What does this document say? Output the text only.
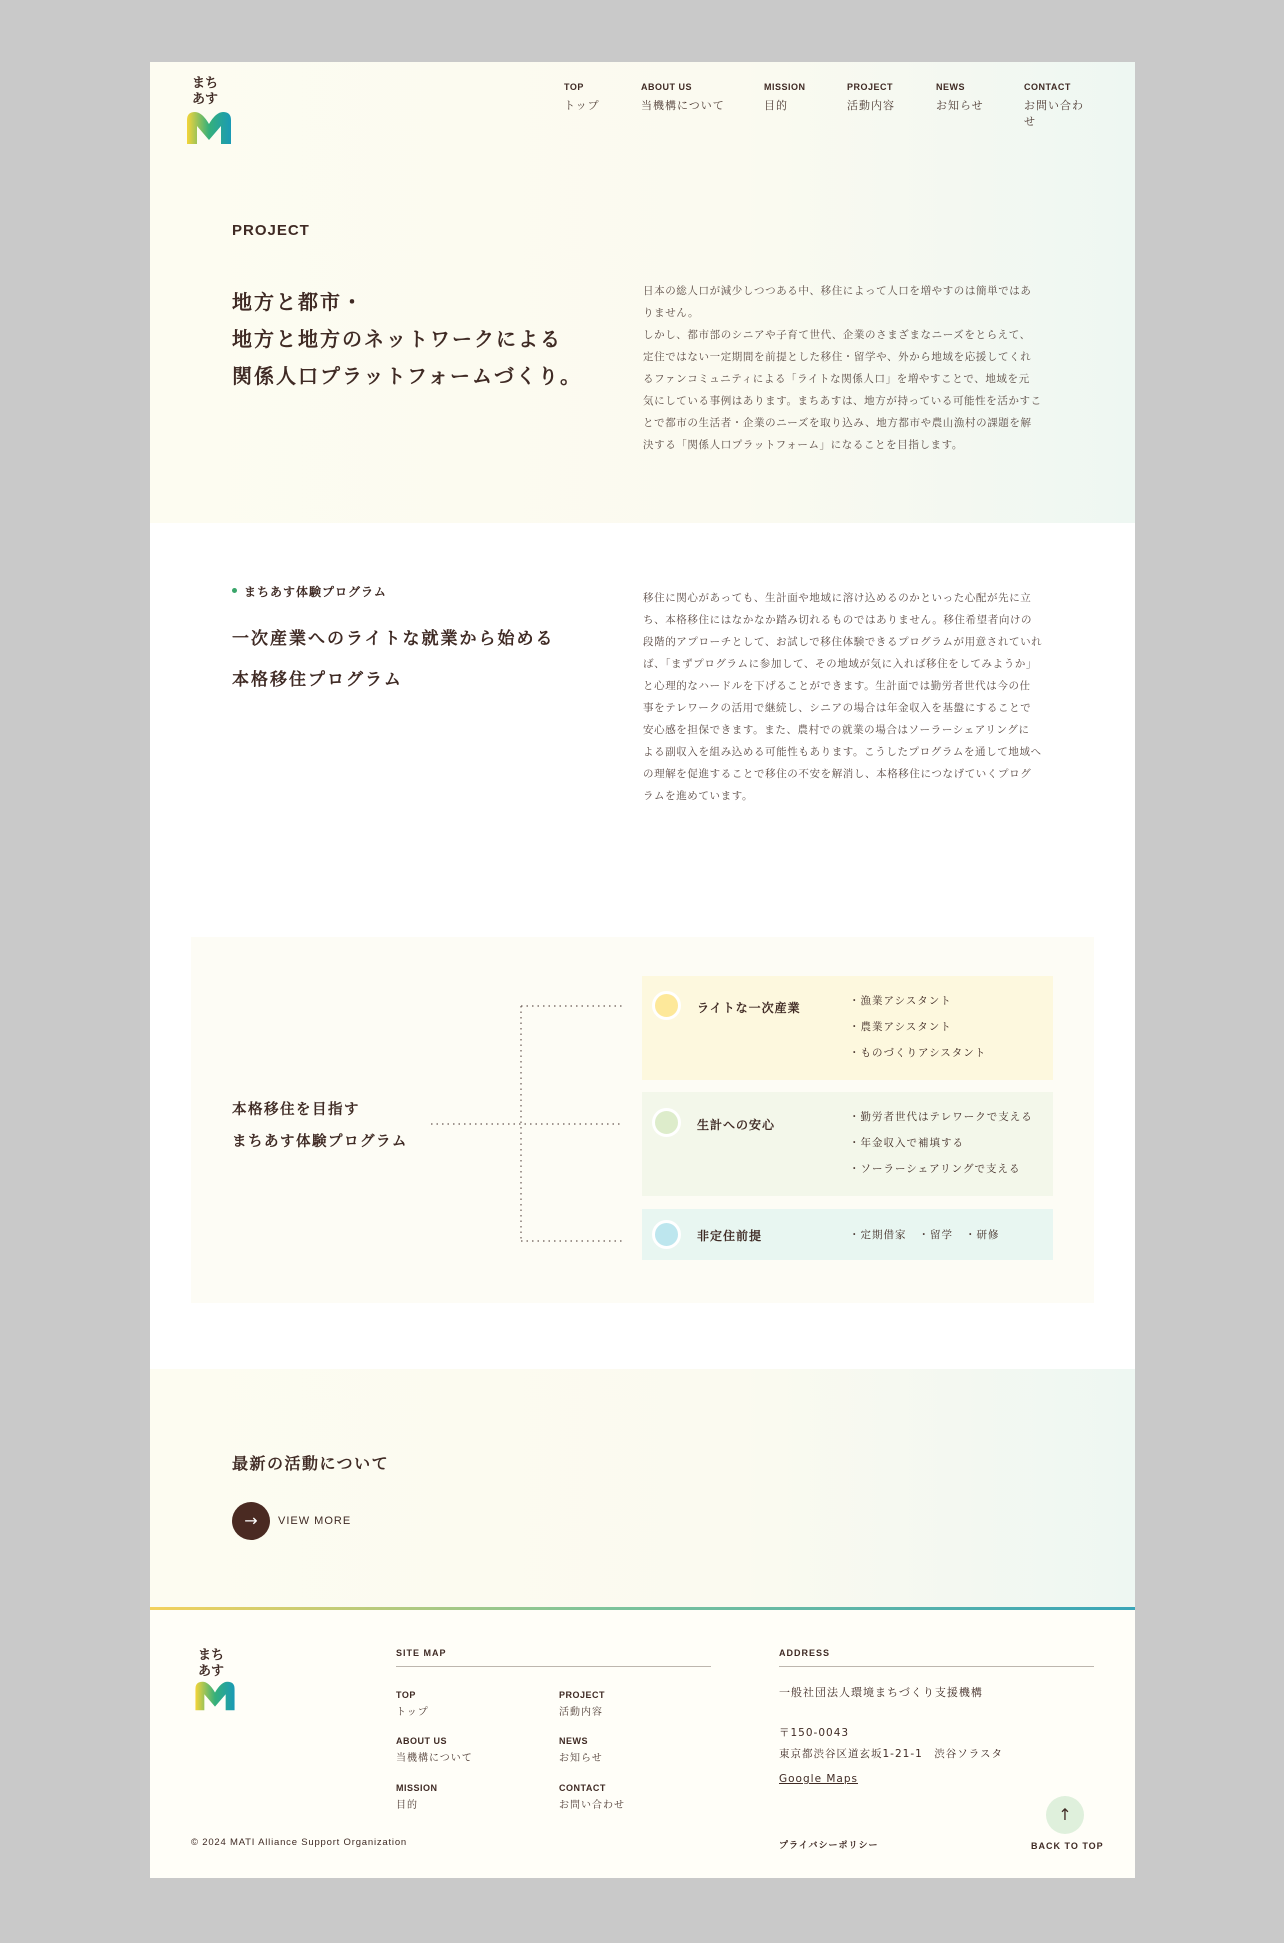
まち
あす
TOP
トップ
ABOUT US
当機構について
MISSION
目的
PROJECT
活動内容
NEWS
お知らせ
CONTACT
お問い合わせ
PROJECT
地方と都市・
地方と地方のネットワークによる
関係人口プラットフォームづくり。
日本の総人口が減少しつつある中、移住によって人口を増やすのは簡単ではあ
りません。
しかし、都市部のシニアや子育て世代、企業のさまざまなニーズをとらえて、
定住ではない一定期間を前提とした移住・留学や、外から地域を応援してくれ
るファンコミュニティによる「ライトな関係人口」を増やすことで、地域を元
気にしている事例はあります。まちあすは、地方が持っている可能性を活かすこ
とで都市の生活者・企業のニーズを取り込み、地方都市や農山漁村の課題を解
決する「関係人口プラットフォーム」になることを目指します。
まちあす体験プログラム
一次産業へのライトな就業から始める
本格移住プログラム
移住に関心があっても、生計面や地域に溶け込めるのかといった心配が先に立
ち、本格移住にはなかなか踏み切れるものではありません。移住希望者向けの
段階的アプローチとして、お試しで移住体験できるプログラムが用意されていれ
ば、「まずプログラムに参加して、その地域が気に入れば移住をしてみようか」
と心理的なハードルを下げることができます。生計面では勤労者世代は今の仕
事をテレワークの活用で継続し、シニアの場合は年金収入を基盤にすることで
安心感を担保できます。また、農村での就業の場合はソーラーシェアリングに
よる副収入を組み込める可能性もあります。こうしたプログラムを通して地域へ
の理解を促進することで移住の不安を解消し、本格移住につなげていくプログ
ラムを進めています。
本格移住を目指す
まちあす体験プログラム
ライトな一次産業	・漁業アシスタント
・農業アシスタント
・ものづくりアシスタント
生計への安心
・勤労者世代はテレワークで支える
・年金収入で補填する
・ソーラーシェアリングで支える
非定住前提	・定期借家 ・留学 ・研修
最新の活動について
→	VIEW MORE
まち
あす
SITE MAP
TOP
トップ
PROJECT
活動内容
ABOUT US
当機構について
NEWS
お知らせ
MISSION
目的
CONTACT
お問い合わせ
ADDRESS
一般社団法人環境まちづくり支援機構
〒150-0043
東京都渋谷区道玄坂1-21-1　渋谷ソラスタ
Google Maps
© 2024 MATI Alliance Support Organization	プライバシーポリシー
↑
BACK TO TOP
